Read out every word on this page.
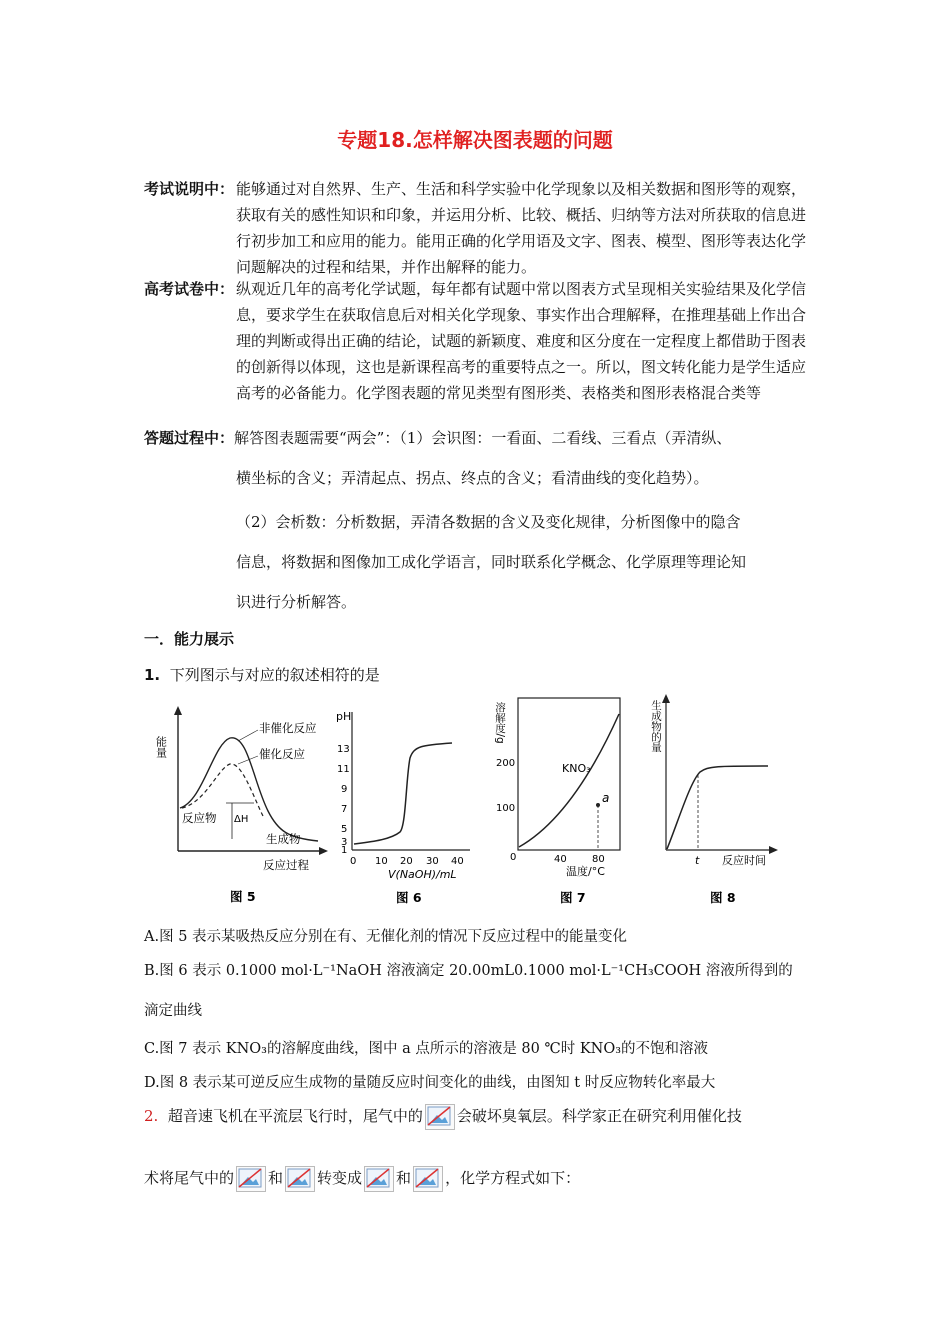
专题18.怎样解决图表题的问题
考试说明中： 能够通过对自然界、生产、生活和科学实验中化学现象以及相关数据和图形等的观察，获取有关的感性知识和印象，并运用分析、比较、概括、归纳等方法对所获取的信息进行初步加工和应用的能力。能用正确的化学用语及文字、图表、模型、图形等表达化学问题解决的过程和结果，并作出解释的能力。
高考试卷中： 纵观近几年的高考化学试题，每年都有试题中常以图表方式呈现相关实验结果及化学信息，要求学生在获取信息后对相关化学现象、事实作出合理解释，在推理基础上作出合理的判断或得出正确的结论，试题的新颖度、难度和区分度在一定程度上都借助于图表的创新得以体现，这也是新课程高考的重要特点之一。所以，图文转化能力是学生适应高考的必备能力。化学图表题的常见类型有图形类、表格类和图形表格混合类等
答题过程中：解答图表题需要“两会”：（1）会识图：一看面、二看线、三看点（弄清纵、
横坐标的含义；弄清起点、拐点、终点的含义；看清曲线的变化趋势）。
（2）会析数：分析数据，弄清各数据的含义及变化规律，分析图像中的隐含
信息，将数据和图像加工成化学语言，同时联系化学概念、化学原理等理论知
识进行分析解答。
一．能力展示
1. 下列图示与对应的叙述相符的是
能量
ΔH
非催化反应
催化反应
反应物
生成物
反应过程
图 5
pH
13
11
9
7
5
3
1
0 10 20 30 40
V(NaOH)/mL
图 6
溶解度/g
200
100
0	40	80
KNO₃
a
温度/°C
图 7
生成物的量
t 反应时间
图 8
A.图 5 表示某吸热反应分别在有、无催化剂的情况下反应过程中的能量变化
B.图 6 表示 0.1000 mol·L⁻¹NaOH 溶液滴定 20.00mL0.1000 mol·L⁻¹CH₃COOH 溶液所得到的
滴定曲线
C.图 7 表示 KNO₃的溶解度曲线，图中 a 点所示的溶液是 80 ℃时 KNO₃的不饱和溶液
D.图 8 表示某可逆反应生成物的量随反应时间变化的曲线，由图知 t 时反应物转化率最大
2. 超音速飞机在平流层飞行时，尾气中的 会破坏臭氧层。科学家正在研究利用催化技
术将尾气中的 和 转变成 和 ，化学方程式如下：
